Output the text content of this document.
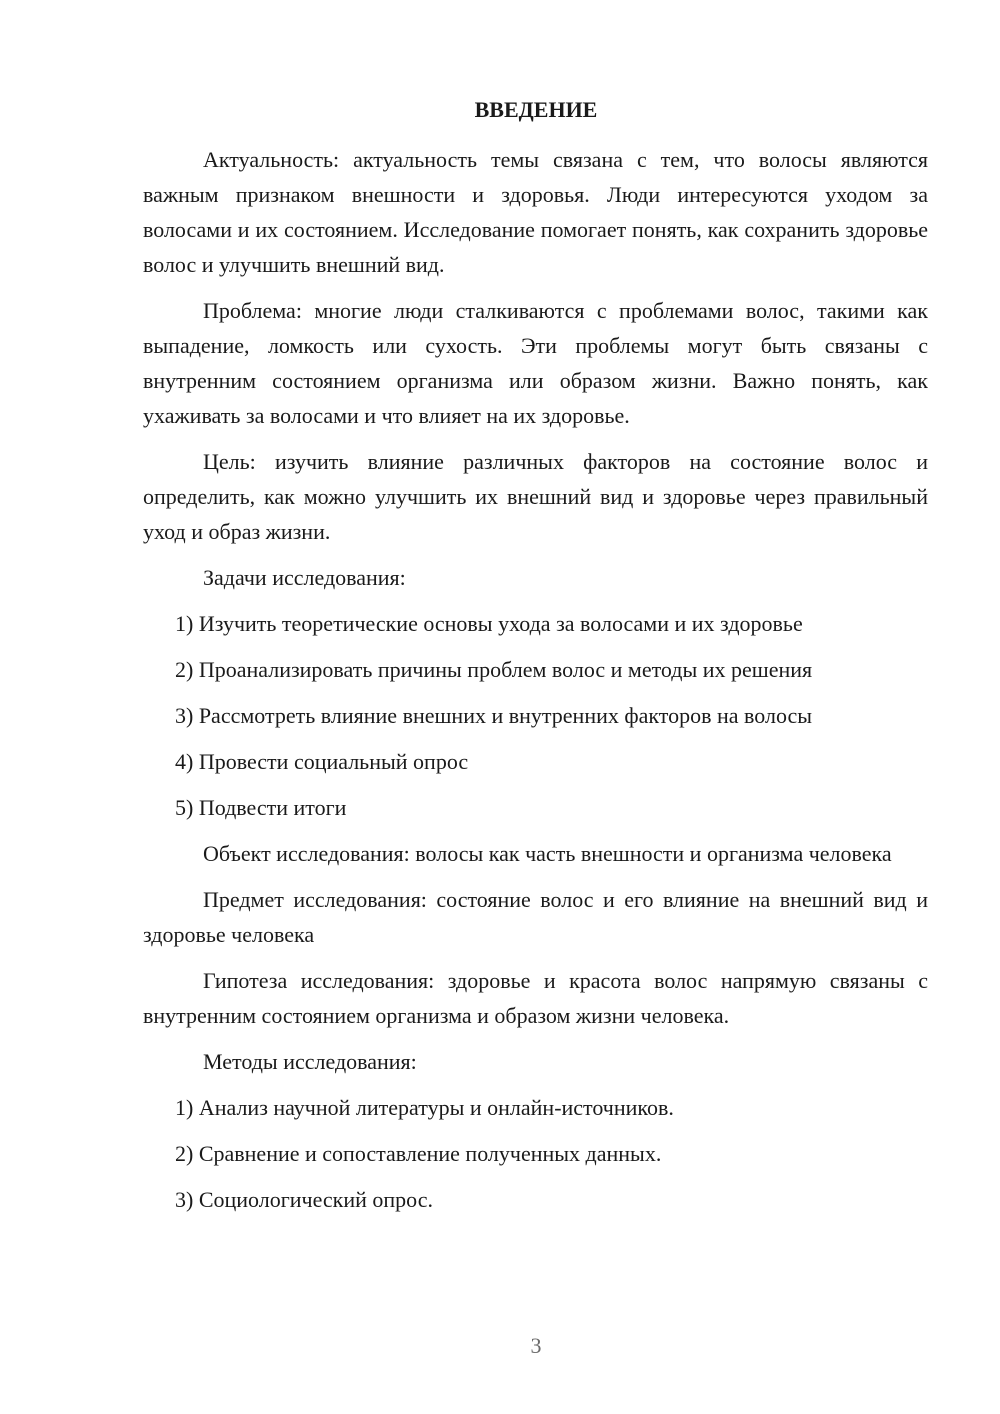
ВВЕДЕНИЕ

Актуальность: актуальность темы связана с тем, что волосы являются важным признаком внешности и здоровья. Люди интересуются уходом за волосами и их состоянием. Исследование помогает понять, как сохранить здоровье волос и улучшить внешний вид.

Проблема: многие люди сталкиваются с проблемами волос, такими как выпадение, ломкость или сухость. Эти проблемы могут быть связаны с внутренним состоянием организма или образом жизни. Важно понять, как ухаживать за волосами и что влияет на их здоровье.

Цель: изучить влияние различных факторов на состояние волос и определить, как можно улучшить их внешний вид и здоровье через правильный уход и образ жизни.

Задачи исследования:

1) Изучить теоретические основы ухода за волосами и их здоровье

2) Проанализировать причины проблем волос и методы их решения

3) Рассмотреть влияние внешних и внутренних факторов на волосы

4) Провести социальный опрос

5) Подвести итоги

Объект исследования: волосы как часть внешности и организма человека

Предмет исследования: состояние волос и его влияние на внешний вид и здоровье человека

Гипотеза исследования: здоровье и красота волос напрямую связаны с внутренним состоянием организма и образом жизни человека.

Методы исследования:

1) Анализ научной литературы и онлайн-источников.

2) Сравнение и сопоставление полученных данных.

3) Социологический опрос.

3
